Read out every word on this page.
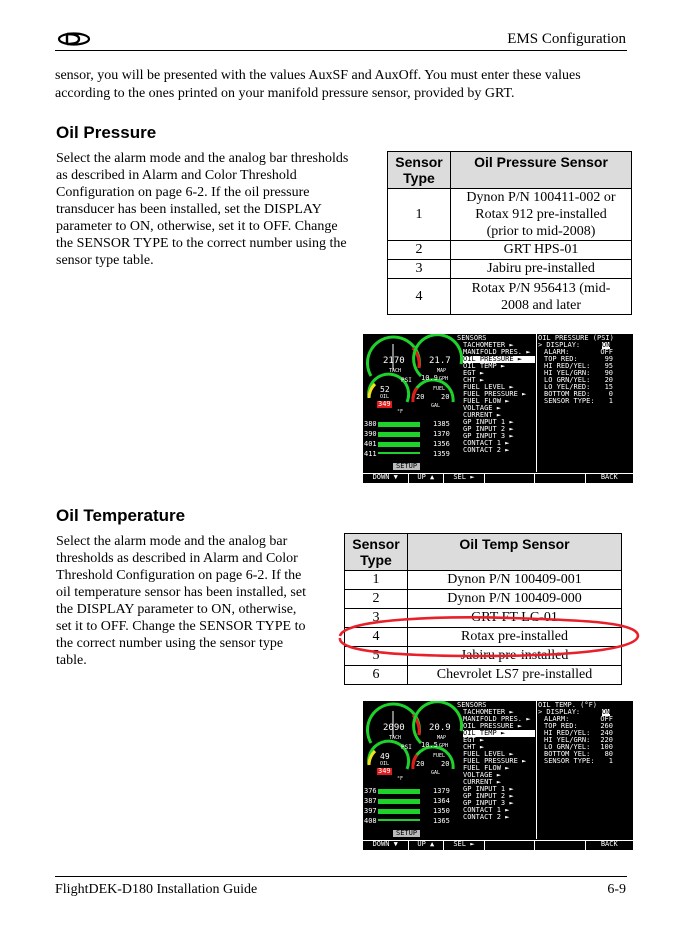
EMS Configuration
sensor, you will be presented with the values AuxSF and AuxOff. You must enter these values
according to the ones printed on your manifold pressure sensor, provided by GRT.
Oil Pressure
Select the alarm mode and the analog bar thresholds
as described in Alarm and Color Threshold
Configuration on page 6-2. If the oil pressure
transducer has been installed, set the DISPLAY
parameter to ON, otherwise, set it to OFF. Change
the SENSOR TYPE to the correct number using the
sensor type table.
Sensor
Type	Oil Pressure Sensor
1	Dynon P/N 100411-002 or
Rotax 912 pre-installed
(prior to mid-2008)

2	GRT HPS-01
3	Jabiru pre-installed
4	Rotax P/N 956413 (mid-
2008 and later
2170
TACH
21.7
MAP
PSI 10.9 GPH
52
OIL
349
°F
FUEL
20 20
GAL
380
390
401
411
1385
1370
1356
1359
SETUP
SENSORS
TACHOMETER ►
MANIFOLD PRES. ►
OIL PRESSURE ►
OIL TEMP ►
EGT ►
CHT ►
FUEL LEVEL ►
FUEL PRESSURE ►
FUEL FLOW ►
VOLTAGE ►
CURRENT ►
GP INPUT 1 ►
GP INPUT 2 ►
GP INPUT 3 ►
CONTACT 1 ►
CONTACT 2 ►
OIL PRESSURE (PSI)
> DISPLAY:	ON
ALARM:	OFF
TOP RED:	99
HI RED/YEL: 95
HI YEL/GRN: 90
LO GRN/YEL: 20
LO YEL/RED: 15
BOTTOM RED:	0
SENSOR TYPE: 1
DOWN ▼	UP ▲	SEL ►	BACK
Oil Temperature
Select the alarm mode and the analog bar
thresholds as described in Alarm and Color
Threshold Configuration on page 6-2. If the
oil temperature sensor has been installed, set
the DISPLAY parameter to ON, otherwise,
set it to OFF. Change the SENSOR TYPE to
the correct number using the sensor type
table.
Sensor
Type	Oil Temp Sensor
1	Dynon P/N 100409-001
2	Dynon P/N 100409-000
3	GRT FT-LC-01
4	Rotax pre-installed
5	Jabiru pre-installed
6	Chevrolet LS7 pre-installed
2090
TACH
20.9
MAP
PSI 10.5 GPH
49
OIL
349
°F
FUEL
20 20
GAL
376
387
397
408
1379
1364
1350
1365
SETUP
SENSORS
TACHOMETER ►
MANIFOLD PRES. ►
OIL PRESSURE ►
OIL TEMP ►
EGT ►
CHT ►
FUEL LEVEL ►
FUEL PRESSURE ►
FUEL FLOW ►
VOLTAGE ►
CURRENT ►
GP INPUT 1 ►
GP INPUT 2 ►
GP INPUT 3 ►
CONTACT 1 ►
CONTACT 2 ►
OIL TEMP. (°F)
> DISPLAY:	ON
ALARM:	OFF
TOP RED:	260
HI RED/YEL: 240
HI YEL/GRN: 220
LO GRN/YEL: 100
BOTTOM YEL: 80
SENSOR TYPE: 1
DOWN ▼	UP ▲	SEL ►	BACK
FlightDEK-D180 Installation Guide	6-9
